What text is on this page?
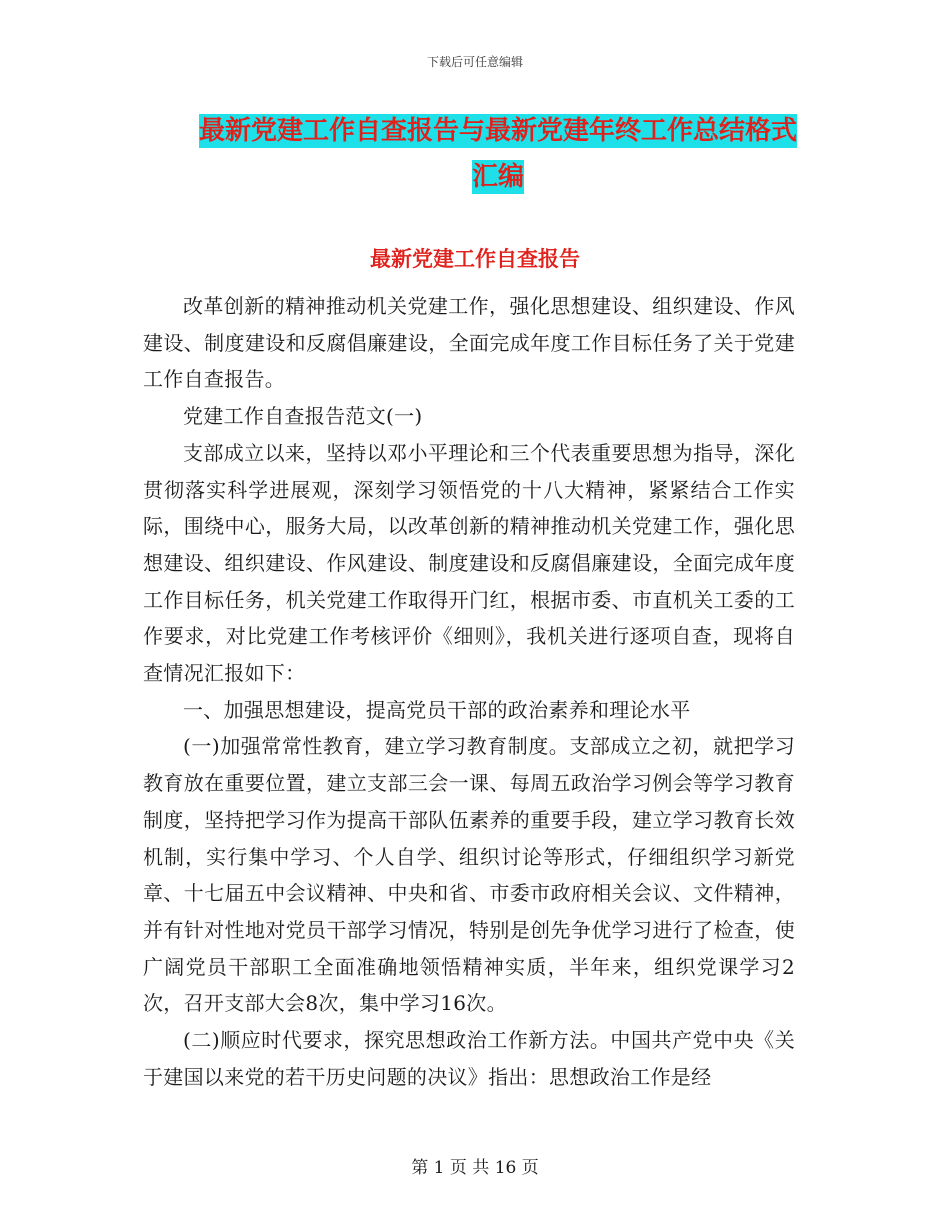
下载后可任意编辑
最新党建工作自查报告与最新党建年终工作总结格式
汇编
最新党建工作自查报告

改革创新的精神推动机关党建工作，强化思想建设、组织建设、作风建设、制度建设和反腐倡廉建设，全面完成年度工作目标任务了关于党建工作自查报告。

党建工作自查报告范文(一)

支部成立以来，坚持以邓小平理论和三个代表重要思想为指导，深化贯彻落实科学进展观，深刻学习领悟党的十八大精神，紧紧结合工作实际，围绕中心，服务大局，以改革创新的精神推动机关党建工作，强化思想建设、组织建设、作风建设、制度建设和反腐倡廉建设，全面完成年度工作目标任务，机关党建工作取得开门红，根据市委、市直机关工委的工作要求，对比党建工作考核评价《细则》，我机关进行逐项自查，现将自查情况汇报如下：

一、加强思想建设，提高党员干部的政治素养和理论水平

(一)加强常常性教育，建立学习教育制度。支部成立之初，就把学习教育放在重要位置，建立支部三会一课、每周五政治学习例会等学习教育制度，坚持把学习作为提高干部队伍素养的重要手段，建立学习教育长效机制，实行集中学习、个人自学、组织讨论等形式，仔细组织学习新党章、十七届五中会议精神、中央和省、市委市政府相关会议、文件精神，并有针对性地对党员干部学习情况，特别是创先争优学习进行了检查，使广阔党员干部职工全面准确地领悟精神实质，半年来，组织党课学习2次，召开支部大会8次，集中学习16次。

(二)顺应时代要求，探究思想政治工作新方法。中国共产党中央《关于建国以来党的若干历史问题的决议》指出：思想政治工作是经

第 1 页 共 16 页
